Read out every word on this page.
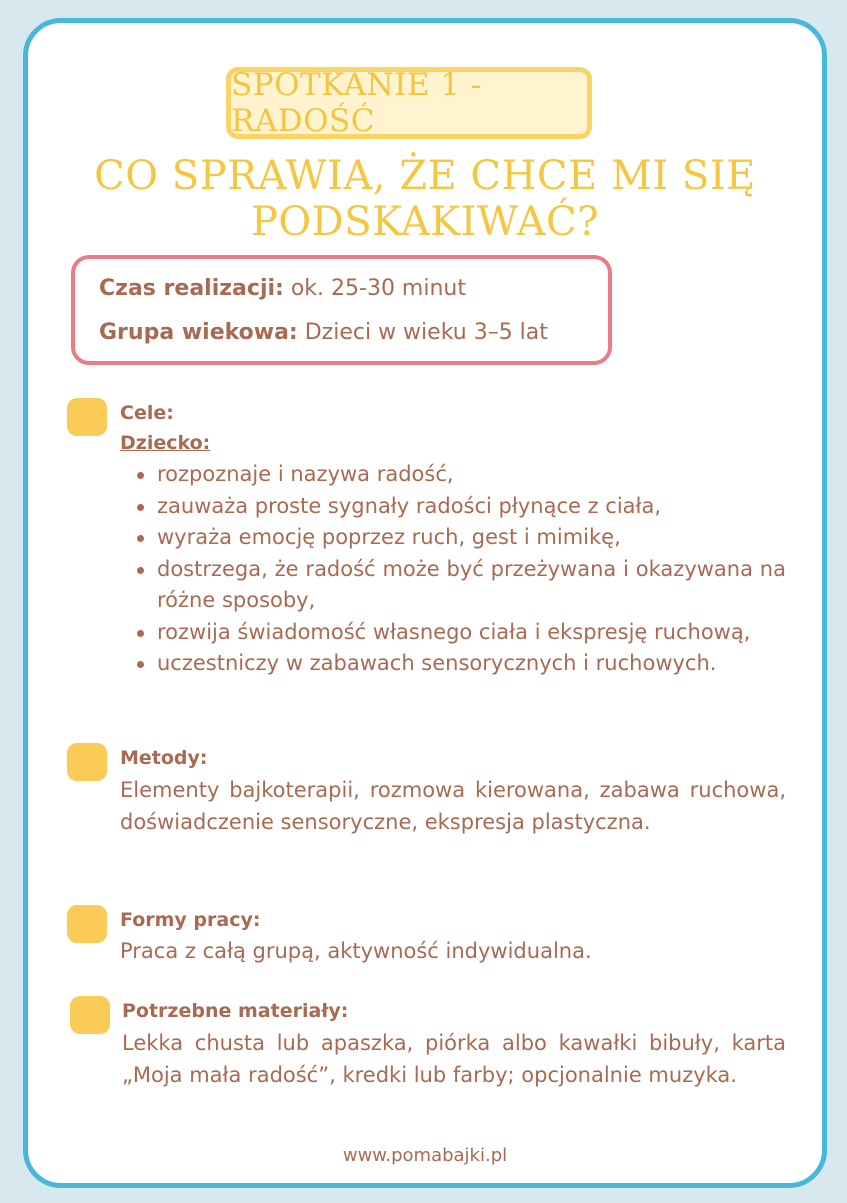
SPOTKANIE 1 - RADOŚĆ
CO SPRAWIA, ŻE CHCE MI SIĘ PODSKAKIWAĆ?
Czas realizacji: ok. 25-30 minut
Grupa wiekowa: Dzieci w wieku 3–5 lat
Cele:
Dziecko:
rozpoznaje i nazywa radość,
zauważa proste sygnały radości płynące z ciała,
wyraża emocję poprzez ruch, gest i mimikę,
dostrzega, że radość może być przeżywana i okazywana na różne sposoby,
rozwija świadomość własnego ciała i ekspresję ruchową,
uczestniczy w zabawach sensorycznych i ruchowych.
Metody:
Elementy bajkoterapii, rozmowa kierowana, zabawa ruchowa, doświadczenie sensoryczne, ekspresja plastyczna.
Formy pracy:
Praca z całą grupą, aktywność indywidualna.
Potrzebne materiały:
Lekka chusta lub apaszka, piórka albo kawałki bibuły, karta „Moja mała radość”, kredki lub farby; opcjonalnie muzyka.
www.pomabajki.pl
